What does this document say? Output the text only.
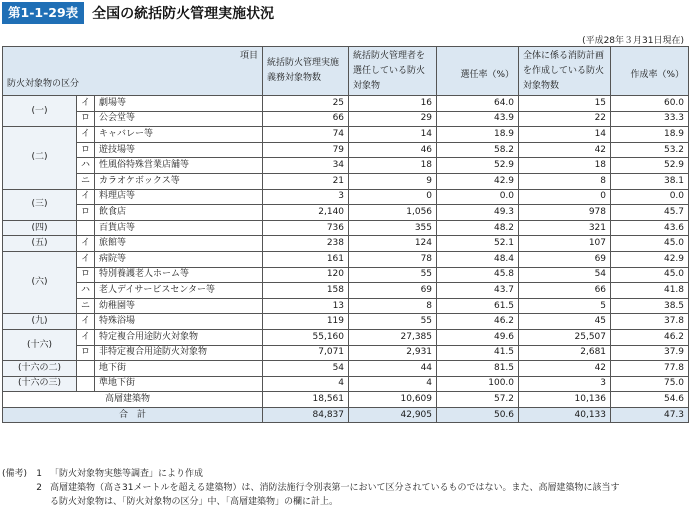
第1-1-29表	全国の統括防火管理実施状況
(平成28年３月31日現在)
項目
防火対象物の区分			統括防火管理実施義務対象物数	統括防火管理者を選任している防火対象物	選任率（%）	全体に係る消防計画を作成している防火対象物数	作成率（%）
(一)	イ	劇場等	25	16	64.0	15	60.0
	ロ	公会堂等	66	29	43.9	22	33.3
(二)	イ	キャバレー等	74	14	18.9	14	18.9
	ロ	遊技場等	79	46	58.2	42	53.2
	ハ	性風俗特殊営業店舗等	34	18	52.9	18	52.9
	ニ	カラオケボックス等	21	9	42.9	8	38.1
(三)	イ	料理店等	3	0	0.0	0	0.0
	ロ	飲食店	2,140	1,056	49.3	978	45.7
(四)		百貨店等	736	355	48.2	321	43.6
(五)	イ	旅館等	238	124	52.1	107	45.0
(六)	イ	病院等	161	78	48.4	69	42.9
	ロ	特別養護老人ホーム等	120	55	45.8	54	45.0
	ハ	老人デイサービスセンター等	158	69	43.7	66	41.8
	ニ	幼稚園等	13	8	61.5	5	38.5
(九)	イ	特殊浴場	119	55	46.2	45	37.8
(十六)	イ	特定複合用途防火対象物	55,160	27,385	49.6	25,507	46.2
	ロ	非特定複合用途防火対象物	7,071	2,931	41.5	2,681	37.9
(十六の二)		地下街	54	44	81.5	42	77.8
(十六の三)		準地下街	4	4	100.0	3	75.0
高層建築物			18,561	10,609	57.2	10,136	54.6
合　計			84,837	42,905	50.6	40,133	47.3
(備考)	1 「防火対象物実態等調査」により作成
2 高層建築物（高さ31メートルを超える建築物）は、消防法施行令別表第一において区分されているものではない。また、高層建築物に該当す
る防火対象物は、「防火対象物の区分」中、「高層建築物」の欄に計上。
